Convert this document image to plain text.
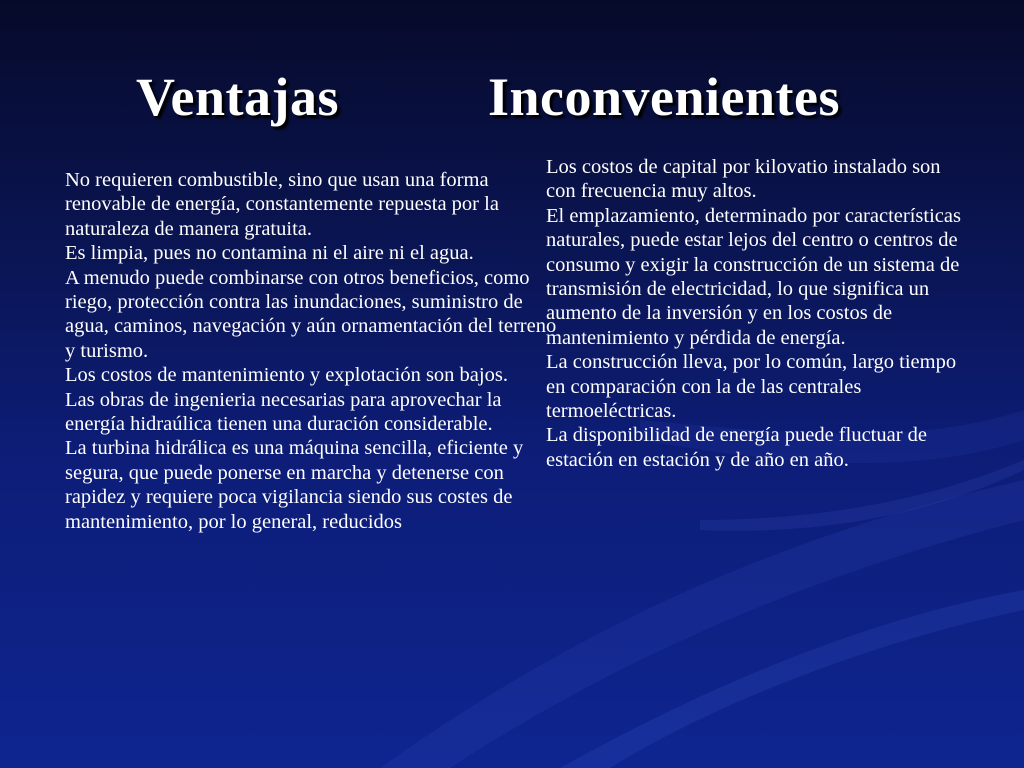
Ventajas	Inconvenientes
No requieren combustible, sino que usan una forma renovable de energía, constantemente repuesta por la naturaleza de manera gratuita.
Es limpia, pues no contamina ni el aire ni el agua.
A menudo puede combinarse con otros beneficios, como riego, protección contra las inundaciones, suministro de agua, caminos, navegación y aún ornamentación del terreno y turismo.
Los costos de mantenimiento y explotación son bajos.
Las obras de ingenieria necesarias para aprovechar la energía hidraúlica tienen una duración considerable.
La turbina hidrálica es una máquina sencilla, eficiente y segura, que puede ponerse en marcha y detenerse con rapidez y requiere poca vigilancia siendo sus costes de mantenimiento, por lo general, reducidos
Los costos de capital por kilovatio instalado son con frecuencia muy altos.
El emplazamiento, determinado por características naturales, puede estar lejos del centro o centros de consumo y exigir la construcción de un sistema de transmisión de electricidad, lo que significa un aumento de la inversión y en los costos de mantenimiento y pérdida de energía.
La construcción lleva, por lo común, largo tiempo en comparación con la de las centrales termoeléctricas.
La disponibilidad de energía puede fluctuar de estación en estación y de año en año.
